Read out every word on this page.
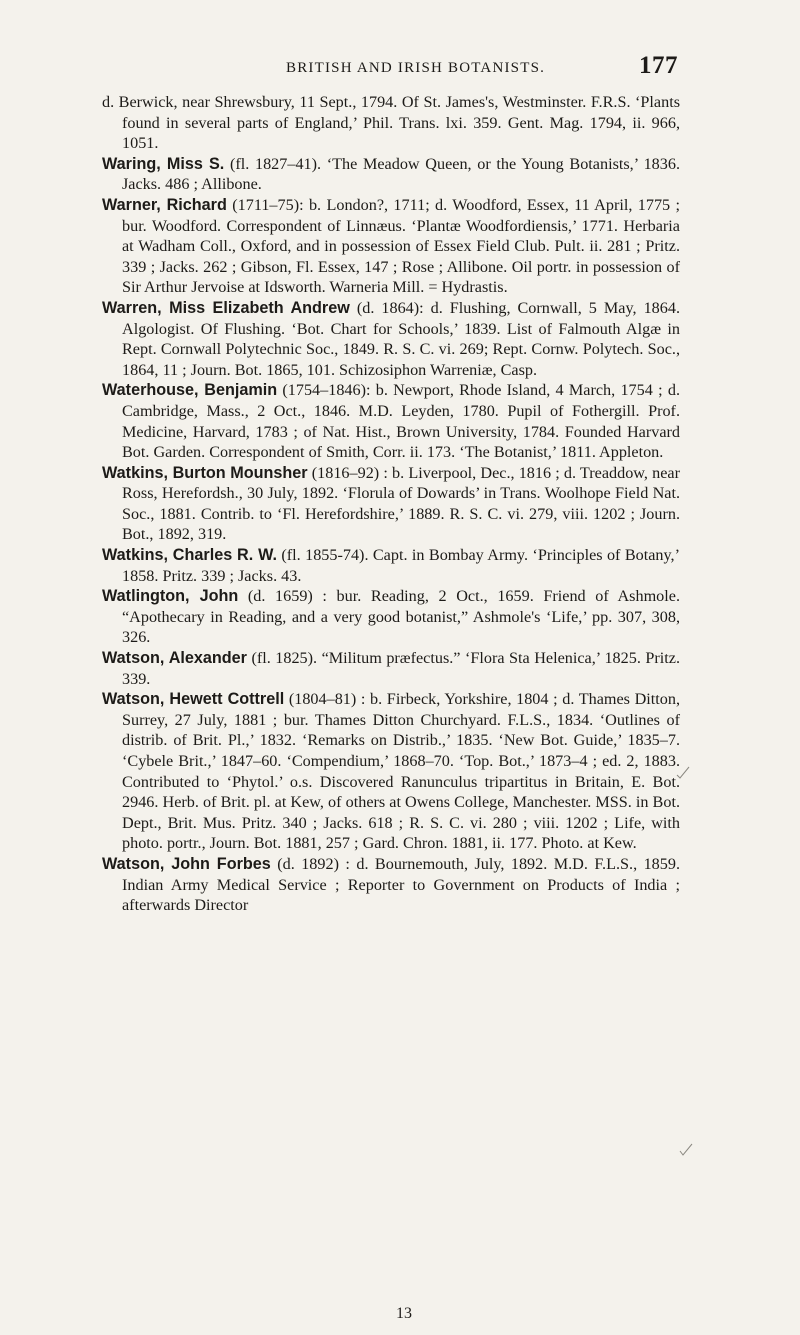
BRITISH AND IRISH BOTANISTS.	177

d. Berwick, near Shrewsbury, 11 Sept., 1794. Of St. James's, Westminster. F.R.S. ‘Plants found in several parts of England,’ Phil. Trans. lxi. 359. Gent. Mag. 1794, ii. 966, 1051.

Waring, Miss S. (fl. 1827–41). ‘The Meadow Queen, or the Young Botanists,’ 1836. Jacks. 486 ; Allibone.

Warner, Richard (1711–75): b. London?, 1711; d. Woodford, Essex, 11 April, 1775 ; bur. Woodford. Correspondent of Linnæus. ‘Plantæ Woodfordiensis,’ 1771. Herbaria at Wadham Coll., Oxford, and in possession of Essex Field Club. Pult. ii. 281 ; Pritz. 339 ; Jacks. 262 ; Gibson, Fl. Essex, 147 ; Rose ; Allibone. Oil portr. in possession of Sir Arthur Jervoise at Idsworth. Warneria Mill. = Hydrastis.

Warren, Miss Elizabeth Andrew (d. 1864): d. Flushing, Cornwall, 5 May, 1864. Algologist. Of Flushing. ‘Bot. Chart for Schools,’ 1839. List of Falmouth Algæ in Rept. Cornwall Polytechnic Soc., 1849. R. S. C. vi. 269; Rept. Cornw. Polytech. Soc., 1864, 11 ; Journ. Bot. 1865, 101. Schizosiphon Warreniæ, Casp.

Waterhouse, Benjamin (1754–1846): b. Newport, Rhode Island, 4 March, 1754 ; d. Cambridge, Mass., 2 Oct., 1846. M.D. Leyden, 1780. Pupil of Fothergill. Prof. Medicine, Harvard, 1783 ; of Nat. Hist., Brown University, 1784. Founded Harvard Bot. Garden. Correspondent of Smith, Corr. ii. 173. ‘The Botanist,’ 1811. Appleton.

Watkins, Burton Mounsher (1816–92) : b. Liverpool, Dec., 1816 ; d. Treaddow, near Ross, Herefordsh., 30 July, 1892. ‘Florula of Dowards’ in Trans. Woolhope Field Nat. Soc., 1881. Contrib. to ‘Fl. Herefordshire,’ 1889. R. S. C. vi. 279, viii. 1202 ; Journ. Bot., 1892, 319.

Watkins, Charles R. W. (fl. 1855-74). Capt. in Bombay Army. ‘Principles of Botany,’ 1858. Pritz. 339 ; Jacks. 43.

Watlington, John (d. 1659) : bur. Reading, 2 Oct., 1659. Friend of Ashmole. “Apothecary in Reading, and a very good botanist,” Ashmole's ‘Life,’ pp. 307, 308, 326.

Watson, Alexander (fl. 1825). “Militum præfectus.” ‘Flora Sta Helenica,’ 1825. Pritz. 339.

Watson, Hewett Cottrell (1804–81) : b. Firbeck, Yorkshire, 1804 ; d. Thames Ditton, Surrey, 27 July, 1881 ; bur. Thames Ditton Churchyard. F.L.S., 1834. ‘Outlines of distrib. of Brit. Pl.,’ 1832. ‘Remarks on Distrib.,’ 1835. ‘New Bot. Guide,’ 1835–7. ‘Cybele Brit.,’ 1847–60. ‘Compendium,’ 1868–70. ‘Top. Bot.,’ 1873–4 ; ed. 2, 1883. Contributed to ‘Phytol.’ o.s. Discovered Ranunculus tripartitus in Britain, E. Bot. 2946. Herb. of Brit. pl. at Kew, of others at Owens College, Manchester. MSS. in Bot. Dept., Brit. Mus. Pritz. 340 ; Jacks. 618 ; R. S. C. vi. 280 ; viii. 1202 ; Life, with photo. portr., Journ. Bot. 1881, 257 ; Gard. Chron. 1881, ii. 177. Photo. at Kew.

Watson, John Forbes (d. 1892) : d. Bournemouth, July, 1892. M.D. F.L.S., 1859. Indian Army Medical Service ; Reporter to Government on Products of India ; afterwards Director

13
